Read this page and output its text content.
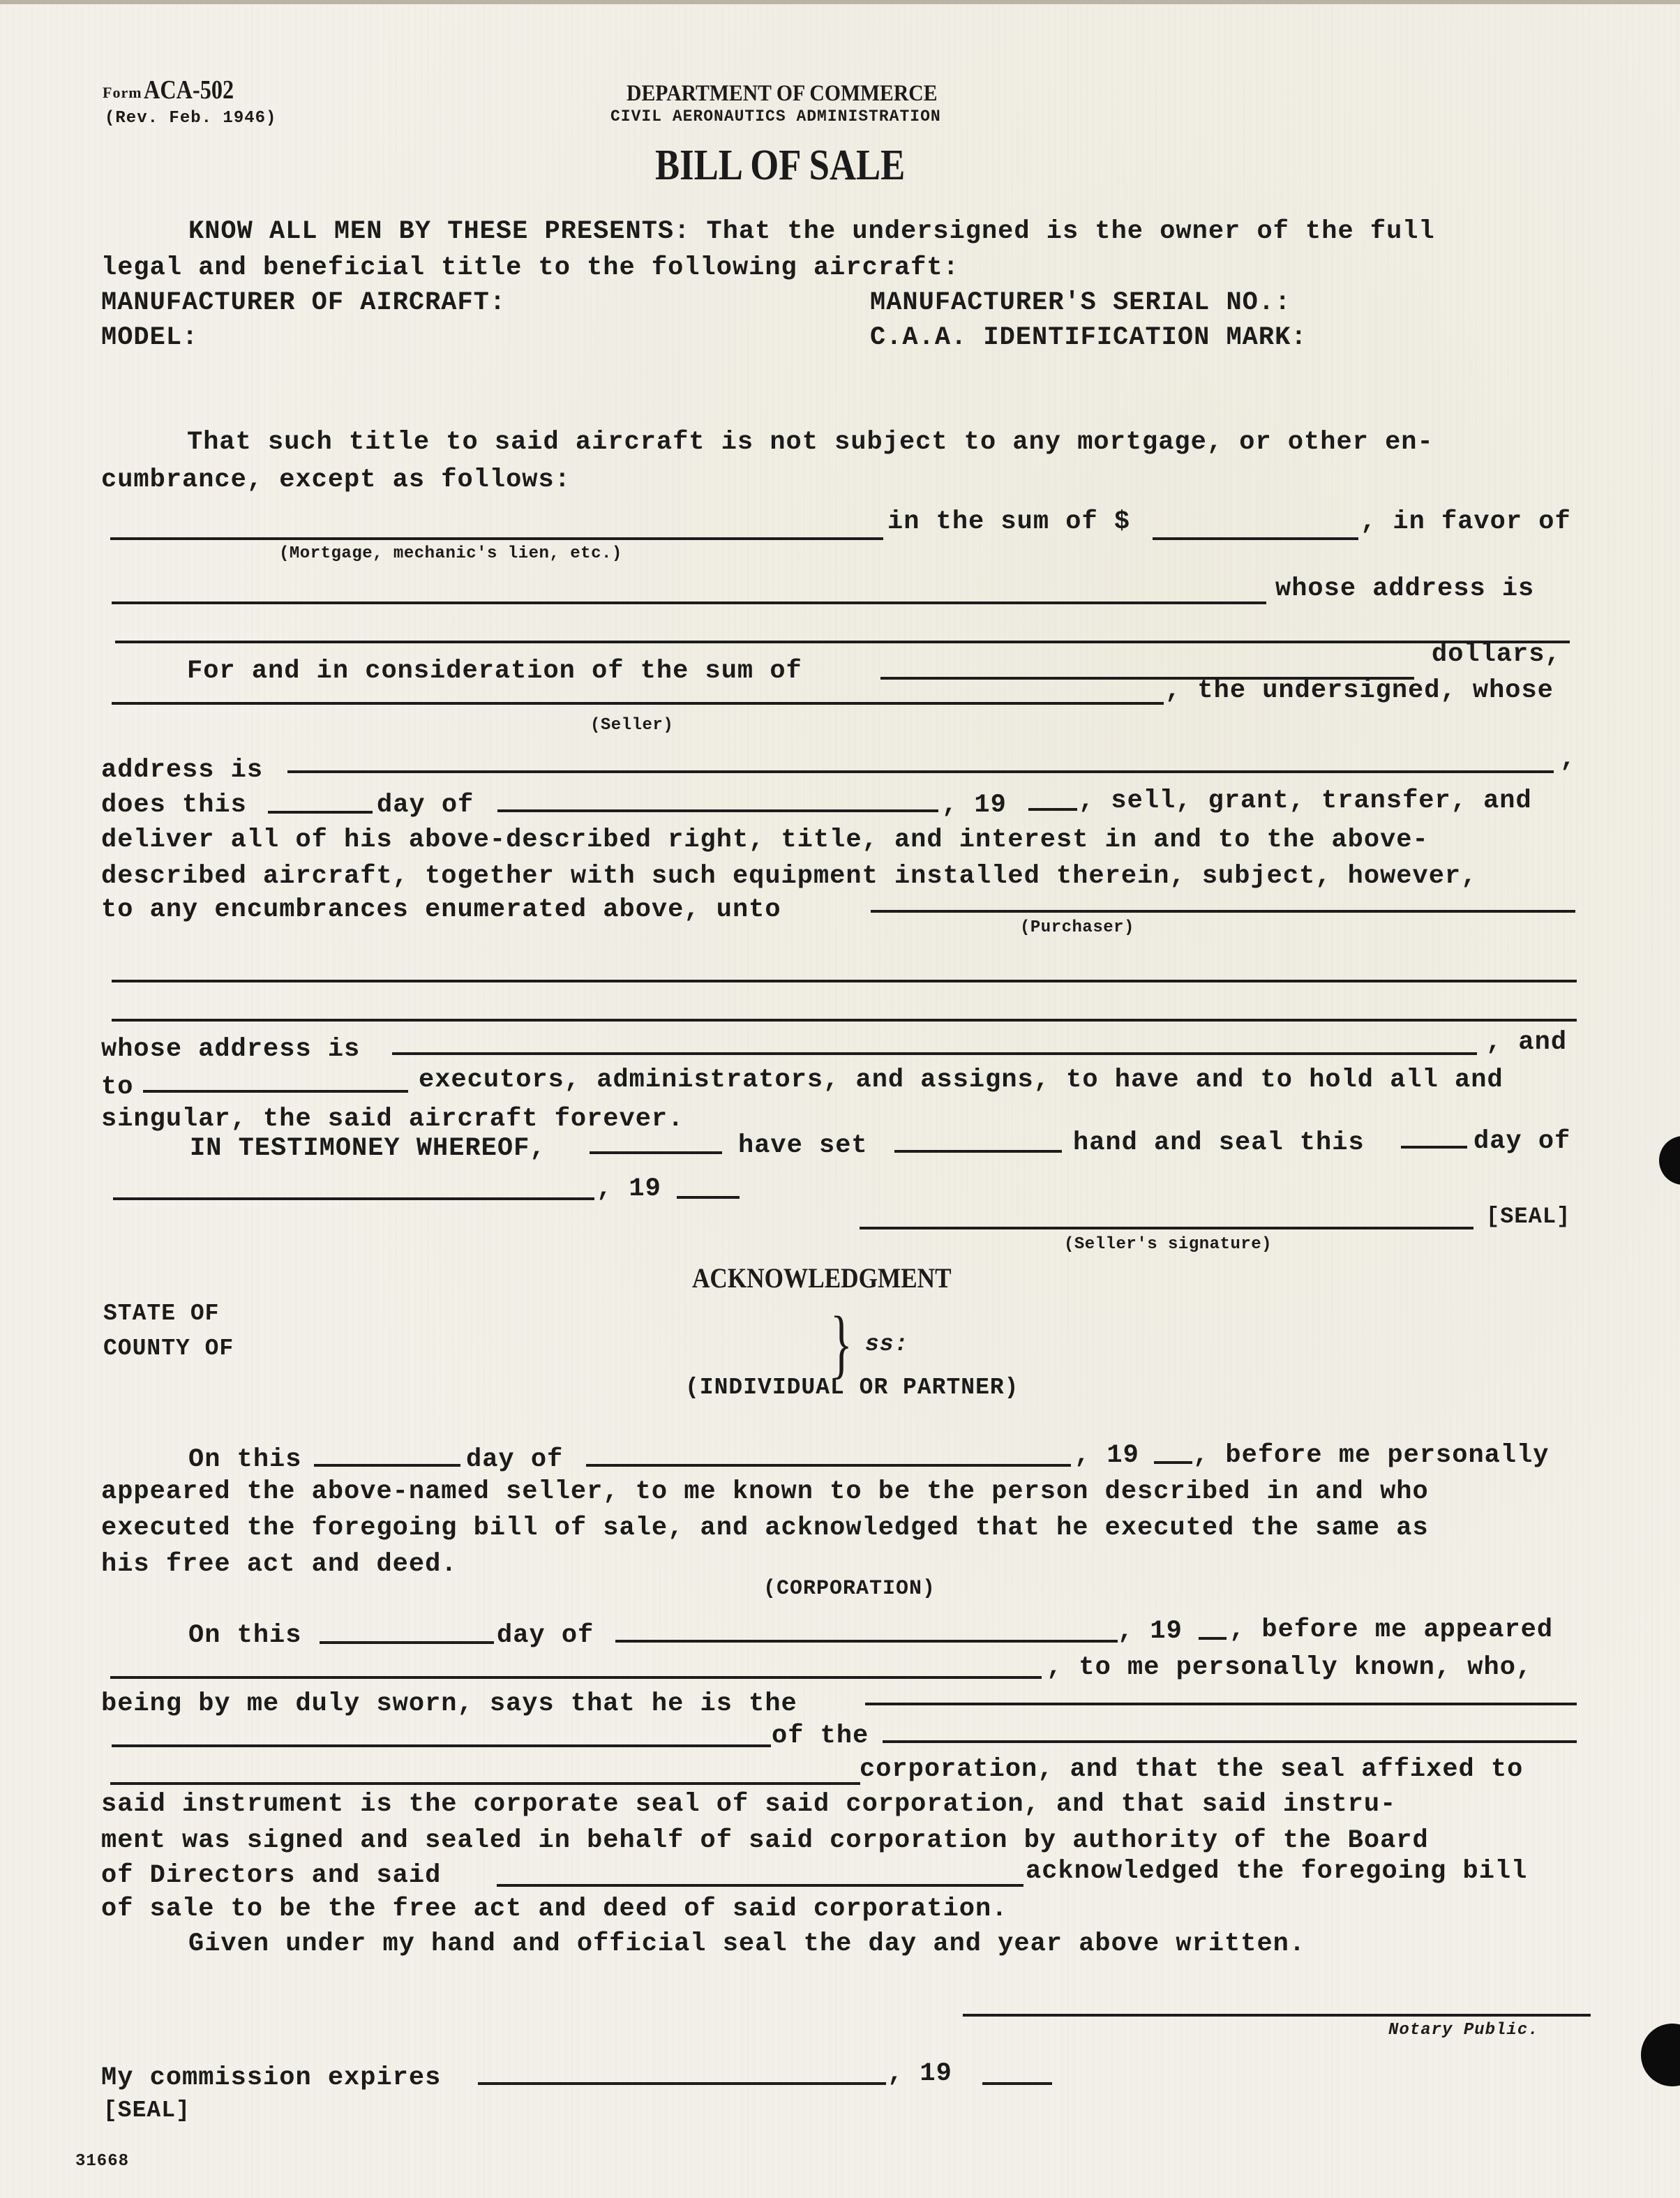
Form ACA-502
(Rev. Feb. 1946)
DEPARTMENT OF COMMERCE
CIVIL AERONAUTICS ADMINISTRATION
BILL OF SALE
KNOW ALL MEN BY THESE PRESENTS: That the undersigned is the owner of the full
legal and beneficial title to the following aircraft:
MANUFACTURER OF AIRCRAFT:	MANUFACTURER'S SERIAL NO.:
MODEL:	C.A.A. IDENTIFICATION MARK:
That such title to said aircraft is not subject to any mortgage, or other en-
cumbrance, except as follows:
in the sum of $	, in favor of
(Mortgage, mechanic's lien, etc.)
whose address is
For and in consideration of the sum of
dollars,
, the undersigned, whose
(Seller)
address is	,
does this	day of	, 19	, sell, grant, transfer, and
deliver all of his above-described right, title, and interest in and to the above-
described aircraft, together with such equipment installed therein, subject, however,
to any encumbrances enumerated above, unto
(Purchaser)
whose address is	, and
to	executors, administrators, and assigns, to have and to hold all and
singular, the said aircraft forever.
IN TESTIMONEY WHEREOF,	have set	hand and seal this	day of
, 19
[SEAL]
(Seller's signature)
ACKNOWLEDGMENT
STATE OF
COUNTY OF	} ss:
(INDIVIDUAL OR PARTNER)
On this	day of	, 19 , before me personally
appeared the above-named seller, to me known to be the person described in and who
executed the foregoing bill of sale, and acknowledged that he executed the same as
his free act and deed.
(CORPORATION)
On this	day of	, 19 , before me appeared
, to me personally known, who,
being by me duly sworn, says that he is the
of the
corporation, and that the seal affixed to
said instrument is the corporate seal of said corporation, and that said instru-
ment was signed and sealed in behalf of said corporation by authority of the Board
of Directors and said	acknowledged the foregoing bill
of sale to be the free act and deed of said corporation.
Given under my hand and official seal the day and year above written.
Notary Public.
My commission expires	, 19
[SEAL]
31668
